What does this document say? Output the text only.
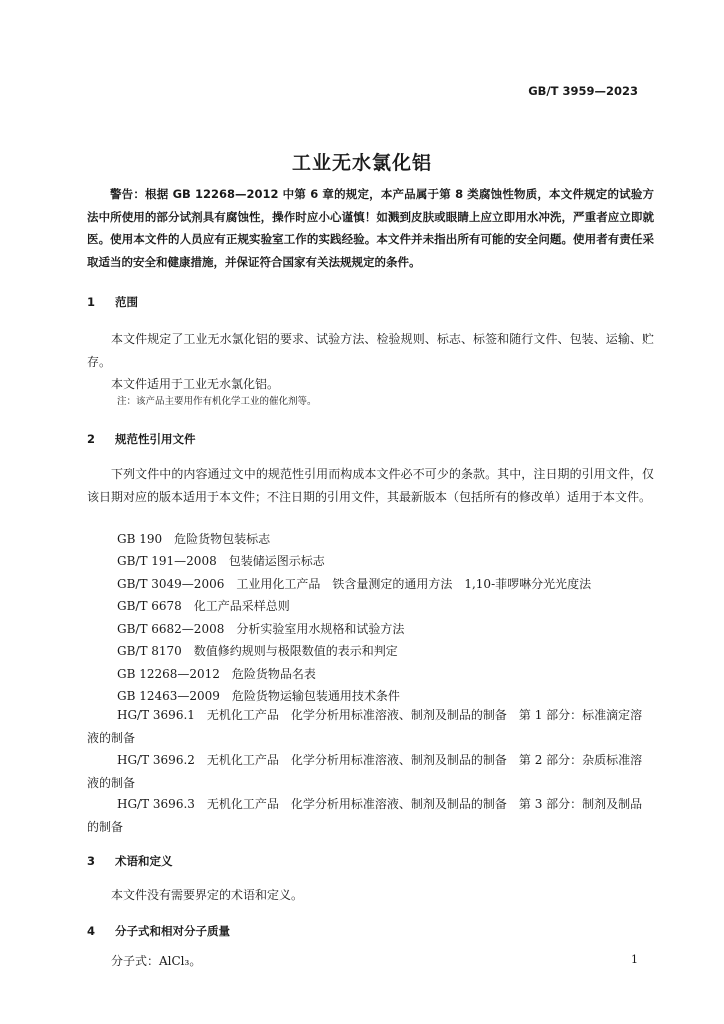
GB/T 3959—2023
工业无水氯化铝
警告：根据 GB 12268—2012 中第 6 章的规定，本产品属于第 8 类腐蚀性物质，本文件规定的试验方法中所使用的部分试剂具有腐蚀性，操作时应小心谨慎！如溅到皮肤或眼睛上应立即用水冲洗，严重者应立即就医。使用本文件的人员应有正规实验室工作的实践经验。本文件并未指出所有可能的安全问题。使用者有责任采取适当的安全和健康措施，并保证符合国家有关法规规定的条件。
1 范围
本文件规定了工业无水氯化铝的要求、试验方法、检验规则、标志、标签和随行文件、包装、运输、贮存。
本文件适用于工业无水氯化铝。
注：该产品主要用作有机化学工业的催化剂等。
2 规范性引用文件
下列文件中的内容通过文中的规范性引用而构成本文件必不可少的条款。其中，注日期的引用文件，仅该日期对应的版本适用于本文件；不注日期的引用文件，其最新版本（包括所有的修改单）适用于本文件。
GB 190　危险货物包装标志
GB/T 191—2008　包装储运图示标志
GB/T 3049—2006　工业用化工产品　铁含量测定的通用方法　1,10-菲啰啉分光光度法
GB/T 6678　化工产品采样总则
GB/T 6682—2008　分析实验室用水规格和试验方法
GB/T 8170　数值修约规则与极限数值的表示和判定
GB 12268—2012　危险货物品名表
GB 12463—2009　危险货物运输包装通用技术条件
HG/T 3696.1　无机化工产品　化学分析用标准溶液、制剂及制品的制备　第 1 部分：标准滴定溶液的制备
HG/T 3696.2　无机化工产品　化学分析用标准溶液、制剂及制品的制备　第 2 部分：杂质标准溶液的制备
HG/T 3696.3　无机化工产品　化学分析用标准溶液、制剂及制品的制备　第 3 部分：制剂及制品的制备
3 术语和定义
本文件没有需要界定的术语和定义。
4 分子式和相对分子质量
分子式：AlCl₃。	1
